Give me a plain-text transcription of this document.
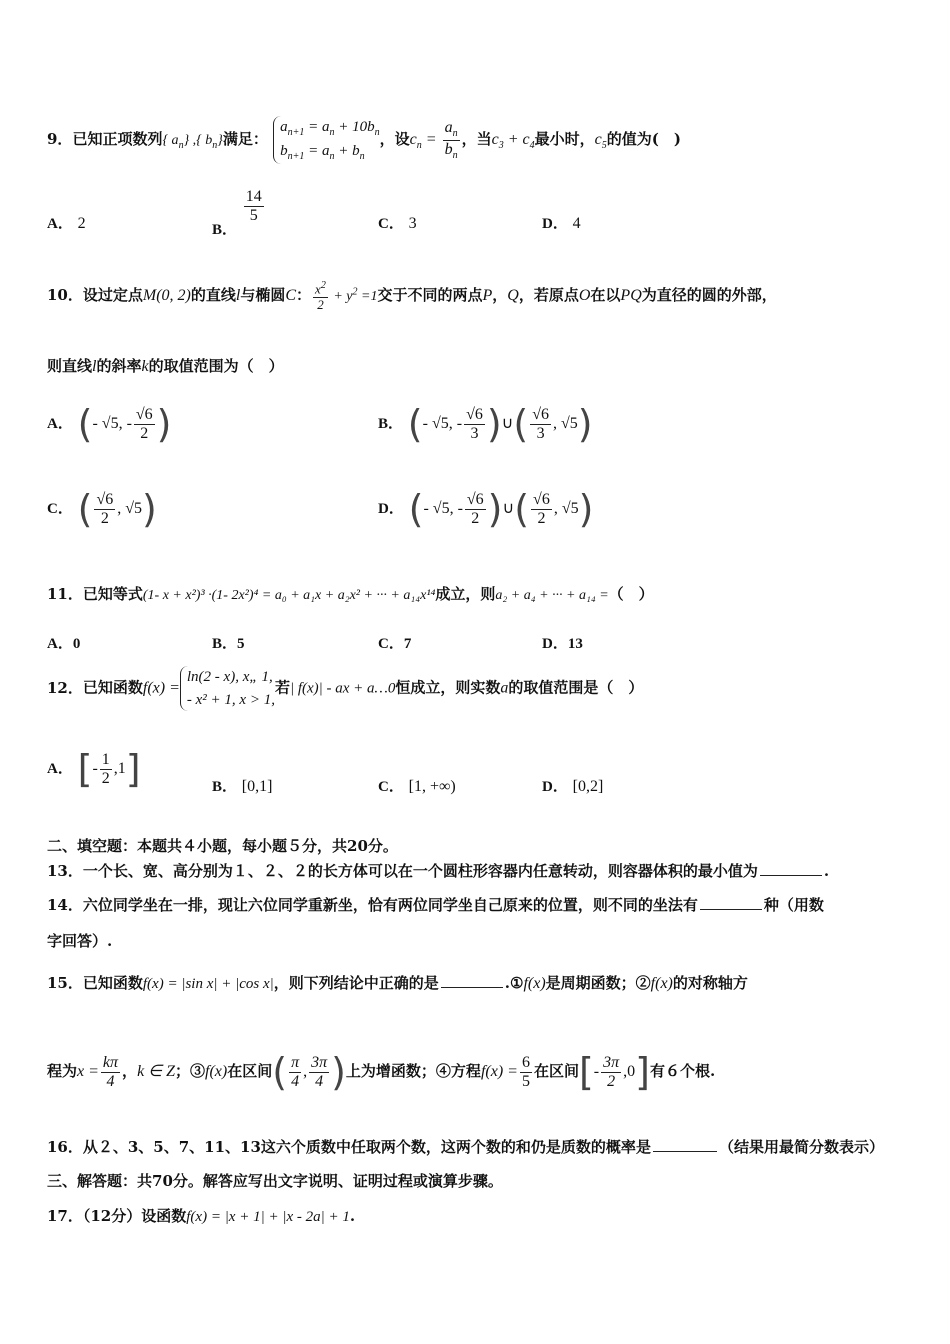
9．已知正项数列{ $a_n$} ,{ $b_n$}满足：
$a_{n+1} = a_n + 10b_n$
$b_{n+1} = a_n + b_n$
，设$c_n = \frac{a_n}{b_n}$ ，当$c_3 + c_4$最小时，$c_5$的值为(　)
A． 2	B．
$\frac{14}{5}$	C． 3	D． 4
10．设过定点M(0, 2)的直线l与椭圆C： $\frac{x^2}{2} + y^2 =1$交于不同的两点P，Q，若原点O在以PQ为直径的圆的外部，
则直线l的斜率k的取值范围为（　）
A． ( - √5, - $\frac{√6}{2}$ )	B． ( - √5, - $\frac{√6}{3}$ ) ∪ ( $\frac{√6}{3}$ , √5 )
C． ( $\frac{√6}{2}$ , √5 )	D． ( - √5, - $\frac{√6}{2}$ ) ∪ ( $\frac{√6}{2}$ , √5 )
11．已知等式(1- x + x²)³ ·(1- 2x²)⁴ = a₀ + a₁x + a₂x² + ··· + a₁₄x¹⁴成立，则a₂ + a₄ + ··· + a₁₄ =（　）
A．0	B．5	C．7	D．13
12．已知函数f(x) =
ln(2 - x), x„ 1,
- x² + 1, x > 1,
若| f(x)| - ax + a…0恒成立，则实数a的取值范围是（　）
A． [ - $\frac{1}{2} ,1$ ]	B． [0,1]	C． [1, +∞)	D． [0,2]
二、填空题：本题共４小题，每小题５分，共20分。
13．一个长、宽、高分别为１、２、２的长方体可以在一个圆柱形容器内任意转动，则容器体积的最小值为	.
14．六位同学坐在一排，现让六位同学重新坐，恰有两位同学坐自己原来的位置，则不同的坐法有	种（用数
字回答）.
15．已知函数f(x) = |sin x| + |cos x|，则下列结论中正确的是	.①f(x)是周期函数；②f(x)的对称轴方
程为$x = \frac{k\pi}{4}$ ，k ∈ Z；③f(x)在区间 ( $\frac{\pi}{4}$ , $\frac{3\pi}{4}$ ) 上为增函数；④方程$f(x) = \frac{6}{5}$ 在区间 [ - $\frac{3\pi}{2} ,0$ ] 有６个根.
16．从２、3、5、7、11、13这六个质数中任取两个数，这两个数的和仍是质数的概率是	（结果用最简分数表示）
三、解答题：共70分。解答应写出文字说明、证明过程或演算步骤。
17．（12分）设函数f(x) = |x + 1| + |x - 2a| + 1.
